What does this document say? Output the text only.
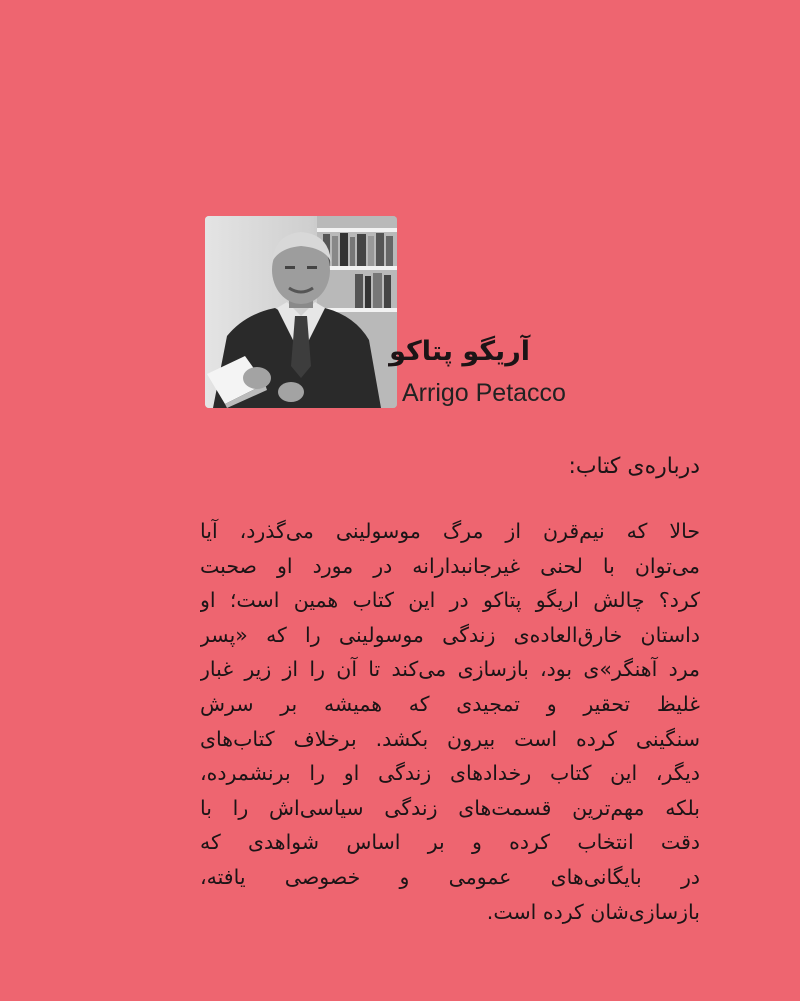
آریگو پتاکو
Arrigo Petacco
درباره‌ی کتاب:
حالا که نیم‌قرن از مرگ موسولینی می‌گذرد، آیا
می‌توان با لحنی غیرجانبدارانه در مورد او صحبت
کرد؟ چالش اریگو پتاکو در این کتاب همین است؛ او
داستان خارق‌العاده‌ی زندگی موسولینی را که «پسر
مرد آهنگر»ی بود، بازسازی می‌کند تا آن را از زیر غبار
غلیظ تحقیر و تمجیدی که همیشه بر سرش
سنگینی کرده است بیرون بکشد. برخلاف کتاب‌های
دیگر، این کتاب رخدادهای زندگی او را برنشمرده،
بلکه مهم‌ترین قسمت‌های زندگی سیاسی‌اش را با
دقت انتخاب کرده و بر اساس شواهدی که
در بایگانی‌های عمومی و خصوصی یافته،
بازسازی‌شان کرده است.
